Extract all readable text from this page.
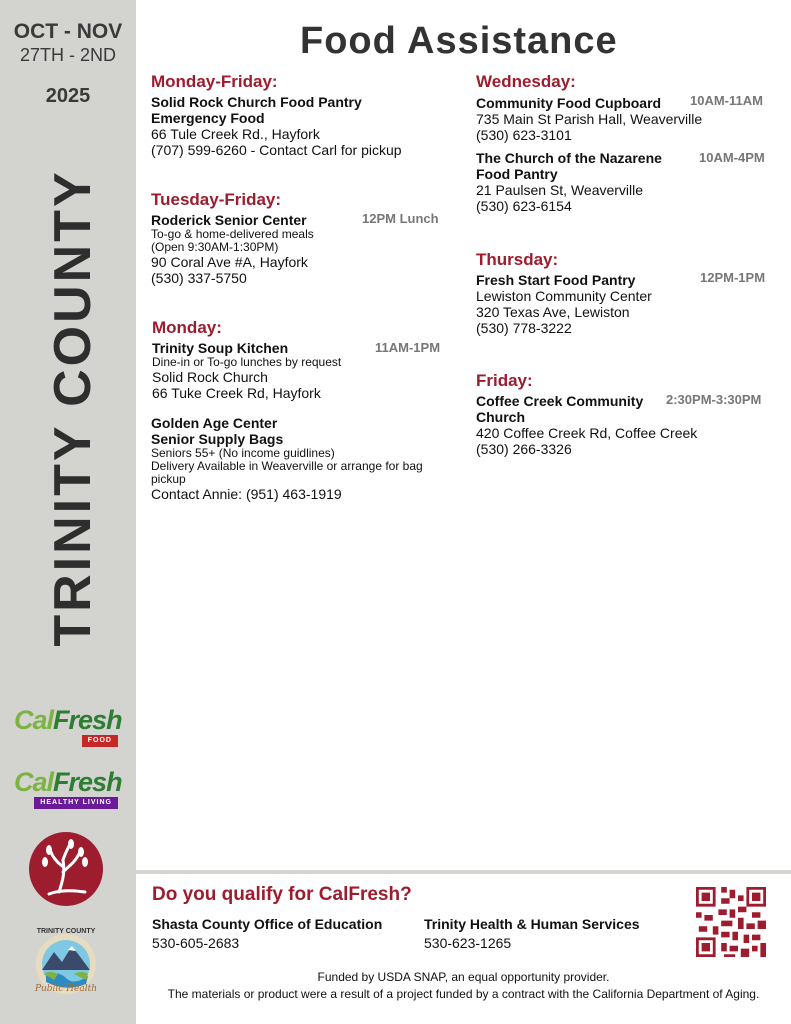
OCT - NOV
27TH - 2ND
2025
TRINITY COUNTY
CalFresh
FOOD
CalFresh
HEALTHY LIVING
TRINITY COUNTY
Public Health
Food Assistance
Monday-Friday:
Solid Rock Church Food Pantry
Emergency Food
66 Tule Creek Rd., Hayfork
(707) 599-6260 - Contact Carl for pickup
Tuesday-Friday:
Roderick Senior Center
To-go & home-delivered meals
(Open 9:30AM-1:30PM)
90 Coral Ave #A, Hayfork
(530) 337-5750
12PM Lunch
Monday:
Trinity Soup Kitchen
Dine-in or To-go lunches by request
Solid Rock Church
66 Tuke Creek Rd, Hayfork
11AM-1PM
Golden Age Center
Senior Supply Bags
Seniors 55+ (No income guidlines)
Delivery Available in Weaverville or arrange for bag
pickup
Contact Annie: (951) 463-1919
Wednesday:
Community Food Cupboard
735 Main St Parish Hall, Weaverville
(530) 623-3101
10AM-11AM
The Church of the Nazarene
Food Pantry
21 Paulsen St, Weaverville
(530) 623-6154
10AM-4PM
Thursday:
Fresh Start Food Pantry
Lewiston Community Center
320 Texas Ave, Lewiston
(530) 778-3222
12PM-1PM
Friday:
Coffee Creek Community
Church
420 Coffee Creek Rd, Coffee Creek
(530) 266-3326
2:30PM-3:30PM
Do you qualify for CalFresh?
Shasta County Office of Education
530-605-2683
Trinity Health & Human Services
530-623-1265
Funded by USDA SNAP, an equal opportunity provider.
The materials or product were a result of a project funded by a contract with the California Department of Aging.
